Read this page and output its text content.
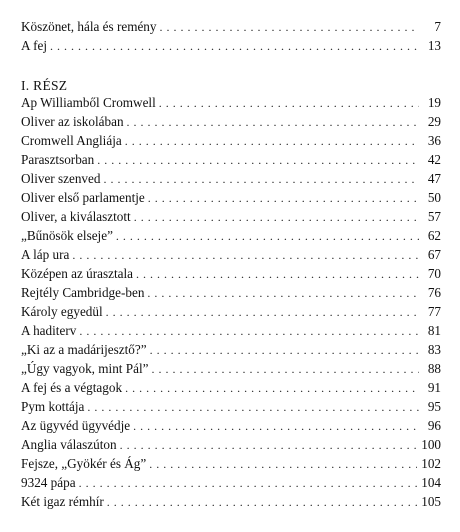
Köszönet, hála és remény . . .	7
A fej . . .	13
I. RÉSZ
Ap Williamből Cromwell . . .	19
Oliver az iskolában . . .	29
Cromwell Angliája . . .	36
Parasztsorban . . .	42
Oliver szenved . . .	47
Oliver első parlamentje . . .	50
Oliver, a kiválasztott . . .	57
„Bűnösök elseje” . . .	62
A láp ura . . .	67
Középen az úrasztala . . .	70
Rejtély Cambridge-ben . . .	76
Károly egyedül . . .	77
A haditerv . . .	81
„Ki az a madárijesztő?” . . .	83
„Úgy vagyok, mint Pál” . . .	88
A fej és a végtagok . . .	91
Pym kottája . . .	95
Az ügyvéd ügyvédje . . .	96
Anglia válaszúton . . .	100
Fejsze, „Gyökér és Ág” . . .	102
9324 pápa . . .	104
Két igaz rémhír . . .	105
